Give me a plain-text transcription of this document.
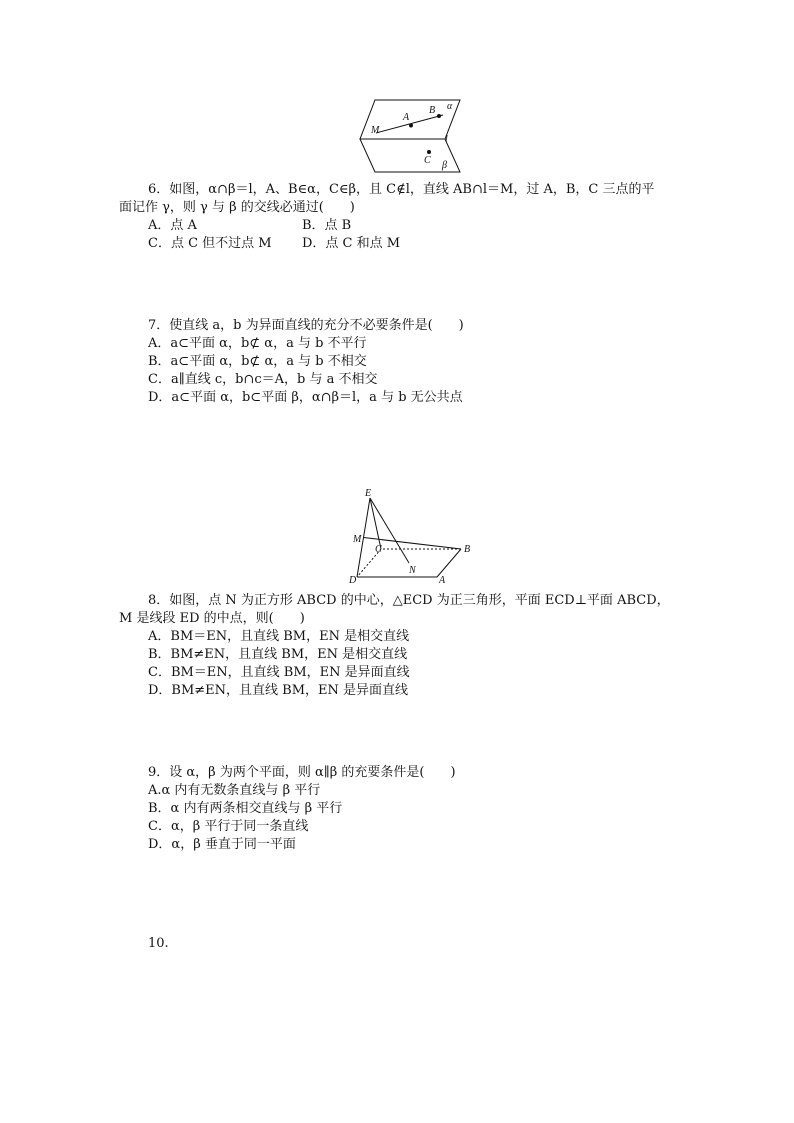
α
B
A
M
l
C β
6．如图，α∩β＝l，A、B∈α，C∈β，且 C∉l，直线 AB∩l＝M，过 A，B，C 三点的平
面记作 γ，则 γ 与 β 的交线必通过(　　)
A．点 A	B．点 B
C．点 C 但不过点 M D．点 C 和点 M
7．使直线 a，b 为异面直线的充分不必要条件是(　　)
A．a⊂平面 α，b⊄ α，a 与 b 不平行
B．a⊂平面 α，b⊄ α，a 与 b 不相交
C．a∥直线 c，b∩c＝A，b 与 a 不相交
D．a⊂平面 α，b⊂平面 β，α∩β＝l，a 与 b 无公共点
E
M
C	B
N
D	A
8．如图，点 N 为正方形 ABCD 的中心，△ECD 为正三角形，平面 ECD⊥平面 ABCD，
M 是线段 ED 的中点，则(　　)
A．BM＝EN，且直线 BM，EN 是相交直线
B．BM≠EN，且直线 BM，EN 是相交直线
C．BM＝EN，且直线 BM，EN 是异面直线
D．BM≠EN，且直线 BM，EN 是异面直线
9．设 α，β 为两个平面，则 α∥β 的充要条件是(　　)
A.α 内有无数条直线与 β 平行
B．α 内有两条相交直线与 β 平行
C．α，β 平行于同一条直线
D．α，β 垂直于同一平面
10.
